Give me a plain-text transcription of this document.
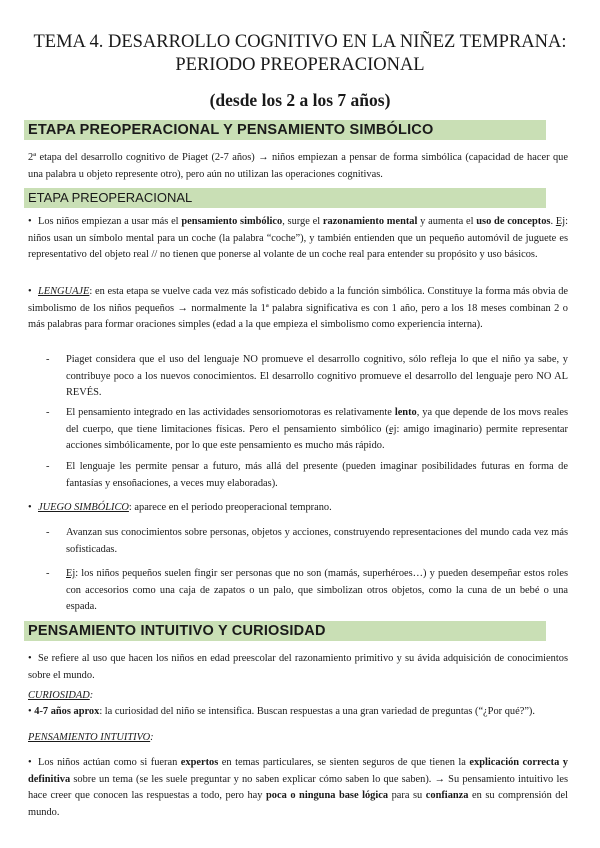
TEMA 4. DESARROLLO COGNITIVO EN LA NIÑEZ TEMPRANA:
PERIODO PREOPERACIONAL
(desde los 2 a los 7 años)
ETAPA PREOPERACIONAL Y PENSAMIENTO SIMBÓLICO
2ª etapa del desarrollo cognitivo de Piaget (2-7 años) → niños empiezan a pensar de forma simbólica (capacidad de hacer que una palabra u objeto represente otro), pero aún no utilizan las operaciones cognitivas.
ETAPA PREOPERACIONAL
• Los niños empiezan a usar más el pensamiento simbólico, surge el razonamiento mental y aumenta el uso de conceptos. Ej: niños usan un símbolo mental para un coche (la palabra “coche”), y también entienden que un pequeño automóvil de juguete es representativo del objeto real // no tienen que ponerse al volante de un coche real para entender su propósito y uso básicos.
• LENGUAJE: en esta etapa se vuelve cada vez más sofisticado debido a la función simbólica. Constituye la forma más obvia de simbolismo de los niños pequeños → normalmente la 1ª palabra significativa es con 1 año, pero a los 18 meses combinan 2 o más palabras para formar oraciones simples (edad a la que empieza el simbolismo como experiencia interna).
- Piaget considera que el uso del lenguaje NO promueve el desarrollo cognitivo, sólo refleja lo que el niño ya sabe, y contribuye poco a los nuevos conocimientos. El desarrollo cognitivo promueve el desarrollo del lenguaje pero NO AL REVÉS.
- El pensamiento integrado en las actividades sensoriomotoras es relativamente lento, ya que depende de los movs reales del cuerpo, que tiene limitaciones físicas. Pero el pensamiento simbólico (ej: amigo imaginario) permite representar acciones simbólicamente, por lo que este pensamiento es mucho más rápido.
- El lenguaje les permite pensar a futuro, más allá del presente (pueden imaginar posibilidades futuras en forma de fantasías y ensoñaciones, a veces muy elaboradas).
• JUEGO SIMBÓLICO: aparece en el periodo preoperacional temprano.
- Avanzan sus conocimientos sobre personas, objetos y acciones, construyendo representaciones del mundo cada vez más sofisticadas.
- Ej: los niños pequeños suelen fingir ser personas que no son (mamás, superhéroes…) y pueden desempeñar estos roles con accesorios como una caja de zapatos o un palo, que simbolizan otros objetos, como la cuna de un bebé o una espada.
PENSAMIENTO INTUITIVO Y CURIOSIDAD
• Se refiere al uso que hacen los niños en edad preescolar del razonamiento primitivo y su ávida adquisición de conocimientos sobre el mundo.
CURIOSIDAD:
• 4-7 años aprox: la curiosidad del niño se intensifica. Buscan respuestas a una gran variedad de preguntas (“¿Por qué?”).
PENSAMIENTO INTUITIVO:
• Los niños actúan como si fueran expertos en temas particulares, se sienten seguros de que tienen la explicación correcta y definitiva sobre un tema (se les suele preguntar y no saben explicar cómo saben lo que saben). → Su pensamiento intuitivo les hace creer que conocen las respuestas a todo, pero hay poca o ninguna base lógica para su confianza en su comprensión del mundo.
